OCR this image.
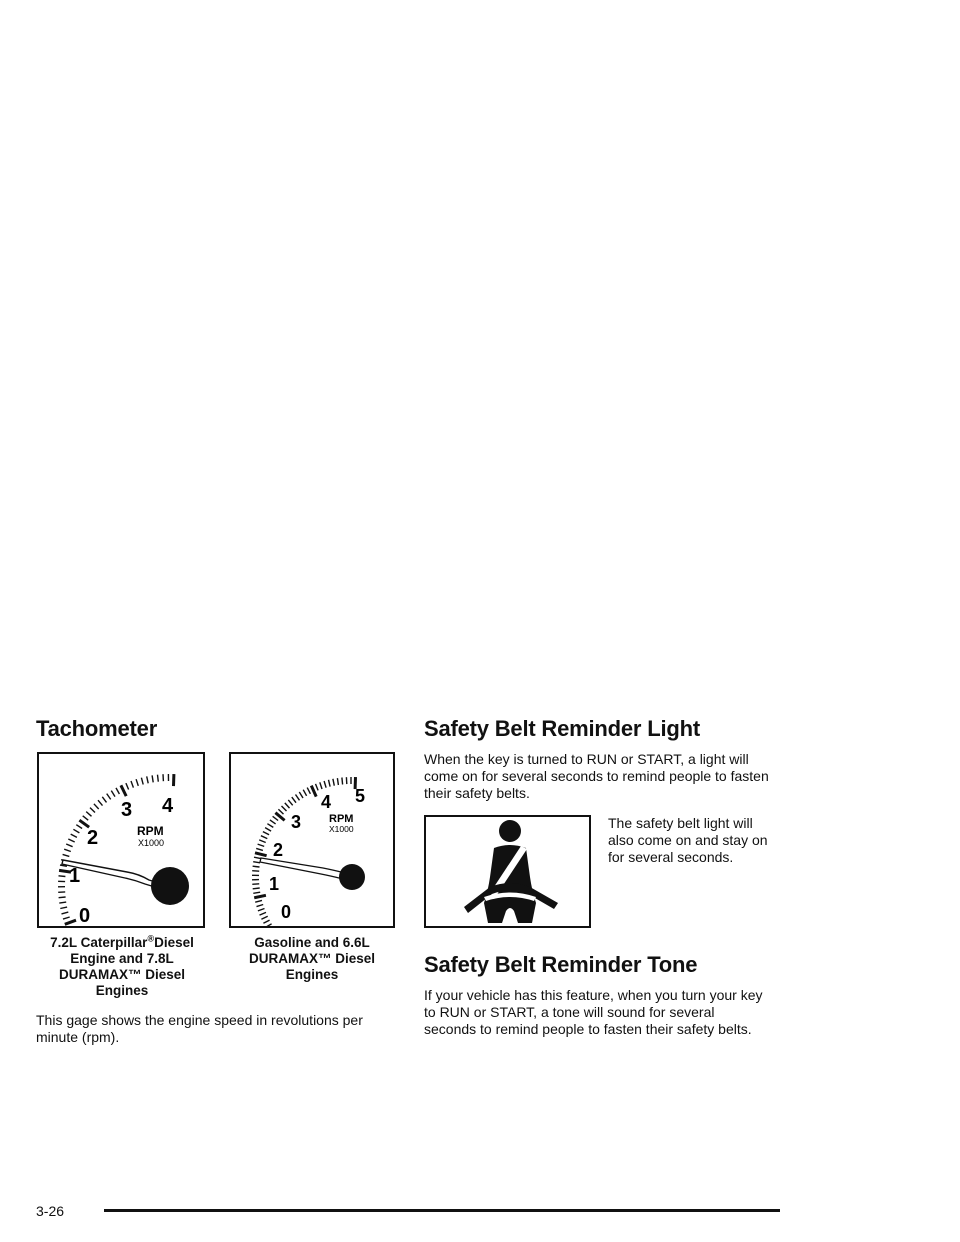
Tachometer
0
1
2
3 4
RPM
X1000
0
1
2
3
4 5
RPM
X1000
7.2L Caterpillar®Diesel
Engine and 7.8L
DURAMAX™ Diesel
Engines
Gasoline and 6.6L
DURAMAX™ Diesel
Engines
This gage shows the engine speed in revolutions per
minute (rpm).
Safety Belt Reminder Light
When the key is turned to RUN or START, a light will
come on for several seconds to remind people to fasten
their safety belts.
The safety belt light will
also come on and stay on
for several seconds.
Safety Belt Reminder Tone
If your vehicle has this feature, when you turn your key
to RUN or START, a tone will sound for several
seconds to remind people to fasten their safety belts.
3-26
